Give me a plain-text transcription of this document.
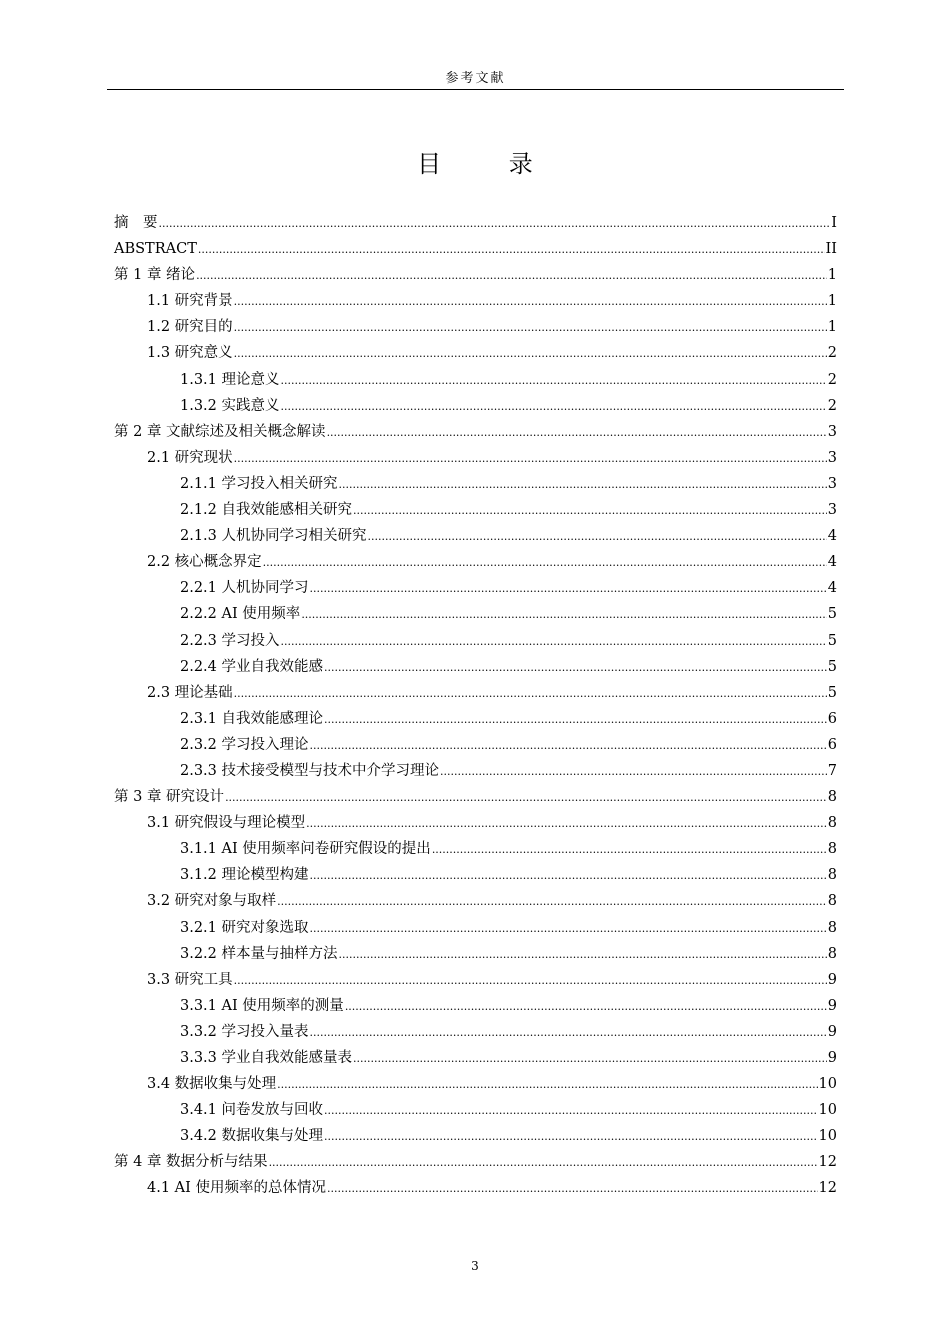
参考文献
目 录
摘　要 .....	I
ABSTRACT .....	II
第 1 章 绪论 .....	1
1.1 研究背景 .....	1
1.2 研究目的 .....	1
1.3 研究意义 .....	2
1.3.1 理论意义 .....	2
1.3.2 实践意义 .....	2
第 2 章 文献综述及相关概念解读 .....	3
2.1 研究现状 .....	3
2.1.1 学习投入相关研究 .....	3
2.1.2 自我效能感相关研究 .....	3
2.1.3 人机协同学习相关研究 .....	4
2.2 核心概念界定 .....	4
2.2.1 人机协同学习 .....	4
2.2.2 AI 使用频率 .....	5
2.2.3 学习投入 .....	5
2.2.4 学业自我效能感 .....	5
2.3 理论基础 .....	5
2.3.1 自我效能感理论 .....	6
2.3.2 学习投入理论 .....	6
2.3.3 技术接受模型与技术中介学习理论 .....	7
第 3 章 研究设计 .....	8
3.1 研究假设与理论模型 .....	8
3.1.1 AI 使用频率问卷研究假设的提出 .....	8
3.1.2 理论模型构建 .....	8
3.2 研究对象与取样 .....	8
3.2.1 研究对象选取 .....	8
3.2.2 样本量与抽样方法 .....	8
3.3 研究工具 .....	9
3.3.1 AI 使用频率的测量 .....	9
3.3.2 学习投入量表 .....	9
3.3.3 学业自我效能感量表 .....	9
3.4 数据收集与处理 .....	10
3.4.1 问卷发放与回收 .....	10
3.4.2 数据收集与处理 .....	10
第 4 章 数据分析与结果 .....	12
4.1 AI 使用频率的总体情况 .....	12
3
